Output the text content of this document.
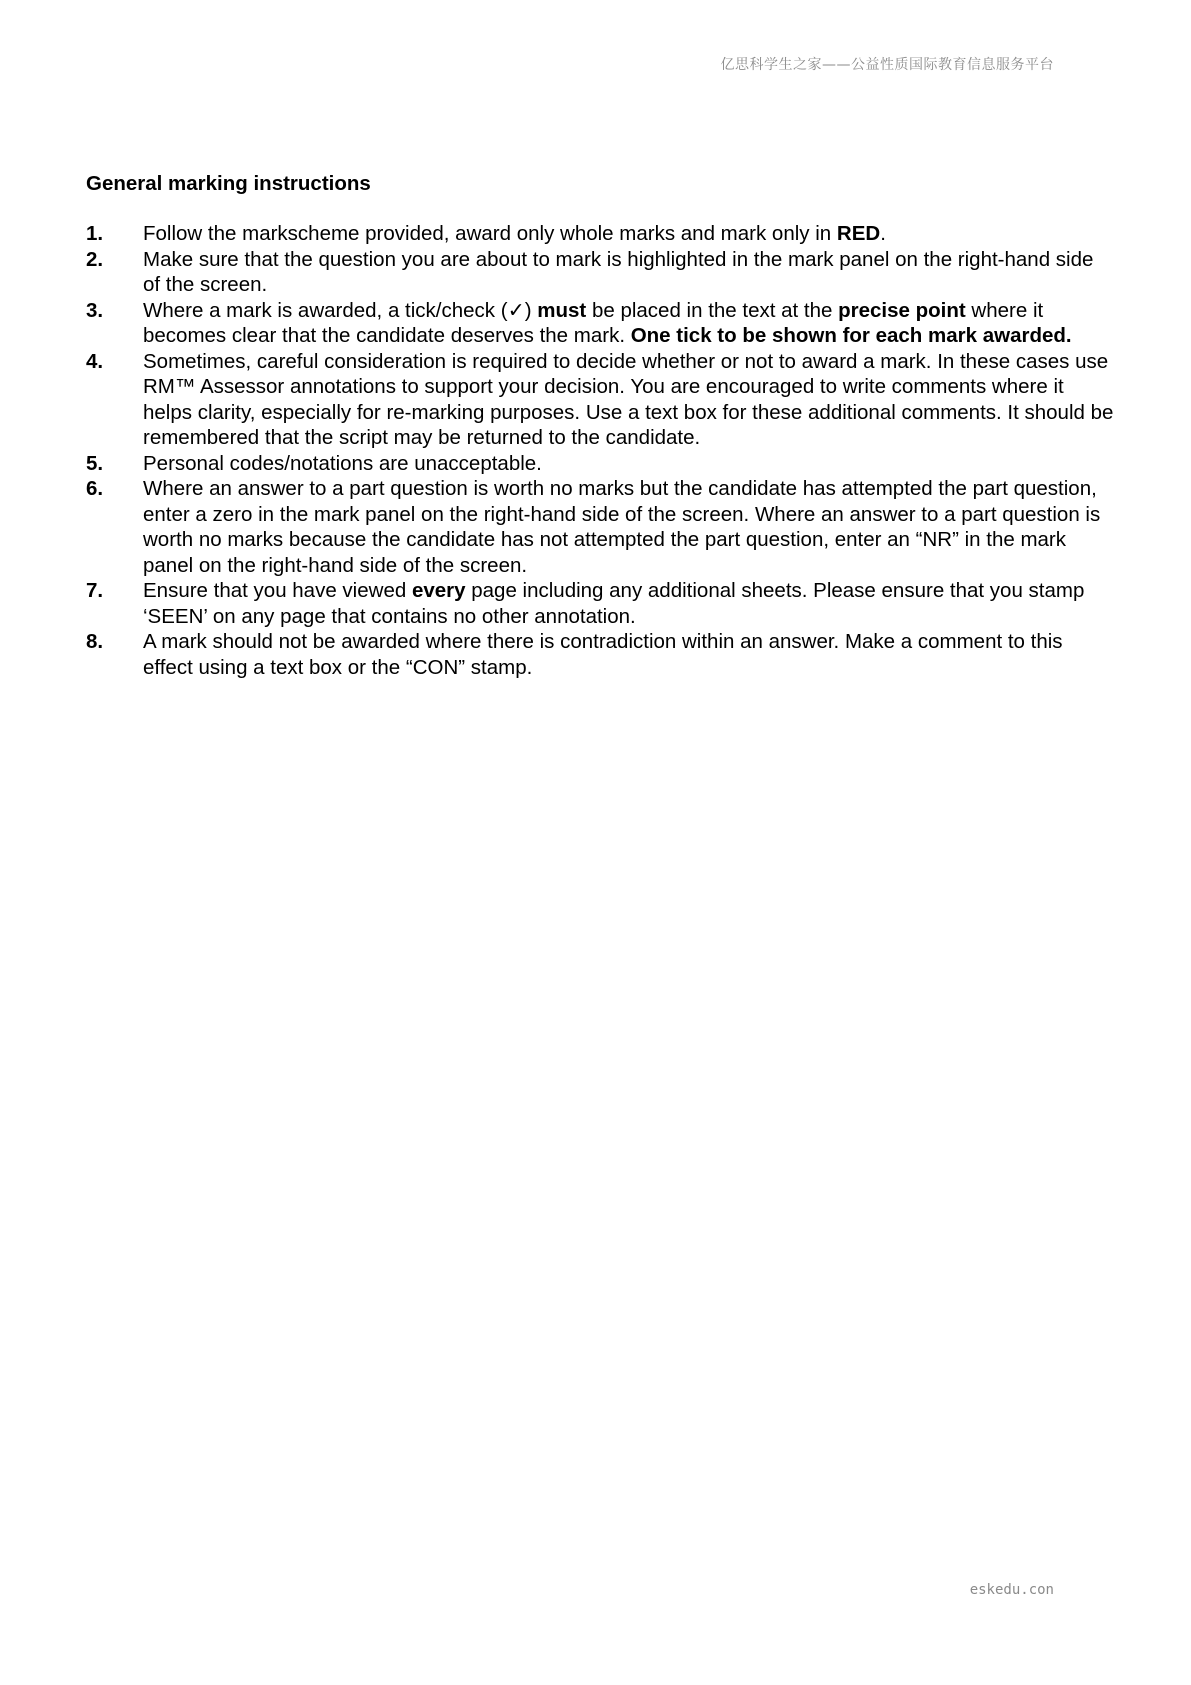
亿思科学生之家——公益性质国际教育信息服务平台
General marking instructions
1.	Follow the markscheme provided, award only whole marks and mark only in RED.
2.	Make sure that the question you are about to mark is highlighted in the mark panel on the right-hand side of the screen.
3.	Where a mark is awarded, a tick/check (✓) must be placed in the text at the precise point where it becomes clear that the candidate deserves the mark. One tick to be shown for each mark awarded.
4.	Sometimes, careful consideration is required to decide whether or not to award a mark. In these cases use RM™ Assessor annotations to support your decision. You are encouraged to write comments where it helps clarity, especially for re-marking purposes. Use a text box for these additional comments. It should be remembered that the script may be returned to the candidate.
5.	Personal codes/notations are unacceptable.
6.	Where an answer to a part question is worth no marks but the candidate has attempted the part question, enter a zero in the mark panel on the right-hand side of the screen. Where an answer to a part question is worth no marks because the candidate has not attempted the part question, enter an “NR” in the mark panel on the right-hand side of the screen.
7.	Ensure that you have viewed every page including any additional sheets. Please ensure that you stamp ‘SEEN’ on any page that contains no other annotation.
8.	A mark should not be awarded where there is contradiction within an answer. Make a comment to this effect using a text box or the “CON” stamp.
eskedu.con
